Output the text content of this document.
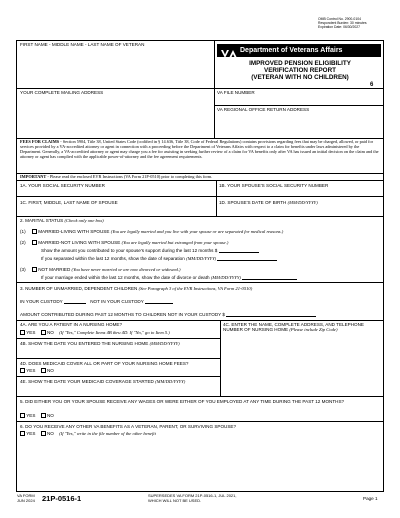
OMB Control No. 2900-0104
Respondent Burden: 30 minutes
Expiration Date: 06/30/2027
FIRST NAME - MIDDLE NAME - LAST NAME OF VETERAN
Department of Veterans Affairs
IMPROVED PENSION ELIGIBILITY
VERIFICATION REPORT
(VETERAN WITH NO CHILDREN)
6
YOUR COMPLETE MAILING ADDRESS	VA FILE NUMBER
VA REGIONAL OFFICE RETURN ADDRESS
FEES FOR CLAIMS - Section 5904, Title 38, United States Code (codified in § 14.636, Title 38, Code of Federal Regulations) contains provisions regarding fees that may be charged, allowed, or paid for services provided by a VA-accredited attorney or agent in connection with a proceeding before the Department of Veterans Affairs with respect to a claim for benefits under laws administered by the Department. Generally, a VA-accredited attorney or agent may charge you a fee for assisting in seeking further review of a claim for VA benefits only after VA has issued an initial decision on the claim and the attorney or agent has complied with the applicable power-of-attorney and the fee agreement requirements.
IMPORTANT - Please read the enclosed EVR Instructions (VA Form 21P-0510) prior to completing this form.
1A. YOUR SOCIAL SECURITY NUMBER	1B. YOUR SPOUSE'S SOCIAL SECURITY NUMBER
1C. FIRST, MIDDLE, LAST NAME OF SPOUSE	1D. SPOUSE'S DATE OF BIRTH (MM/DD/YYYY)
2. MARITAL STATUS (Check only one box)
(1)	MARRIED-LIVING WITH SPOUSE (You are legally married and you live with your spouse or are separated for medical reasons.)
(2)	MARRIED-NOT LIVING WITH SPOUSE (You are legally married but estranged from your spouse.)
Show the amount you contributed to your spouse's support during the last 12 months $
If you separated within the last 12 months, show the date of separation (MM/DD/YYYY)
(3)	NOT MARRIED (You have never married or are now divorced or widowed.)
If your marriage ended within the last 12 months, show the date of divorce or death (MM/DD/YYYY)
3. NUMBER OF UNMARRIED, DEPENDENT CHILDREN (See Paragraph 3 of the EVR Instructions, VA Form 21-0510)
IN YOUR CUSTODY	NOT IN YOUR CUSTODY
AMOUNT CONTRIBUTED DURING PAST 12 MONTHS TO CHILDREN NOT IN YOUR CUSTODY $
4A. ARE YOU A PATIENT IN A NURSING HOME?
YES	NO (If "Yes," Complete Items 4B thru 4D. If "No," go to Item 5.)
4B. SHOW THE DATE YOU ENTERED THE NURSING HOME (MM/DD/YYYY)
4C. ENTER THE NAME, COMPLETE ADDRESS, AND TELEPHONE NUMBER OF NURSING HOME (Please include Zip Code)
4D. DOES MEDICAID COVER ALL OR PART OF YOUR NURSING HOME FEES?
YES	NO
4E. SHOW THE DATE YOUR MEDICAID COVERAGE STARTED (MM/DD/YYYY)
5. DID EITHER YOU OR YOUR SPOUSE RECEIVE ANY WAGES OR WERE EITHER OF YOU EMPLOYED AT ANY TIME DURING THE PAST 12 MONTHS?
YES	NO
6. DO YOU RECEIVE ANY OTHER VA BENEFITS AS A VETERAN, PARENT, OR SURVIVING SPOUSE?
YES	NO (If "Yes," write in the file number of the other benefit
VA FORM
JUN 2024 21P-0516-1	SUPERSEDES VA FORM 21P-0516-1, JUL 2021,
WHICH WILL NOT BE USED.	Page 1
